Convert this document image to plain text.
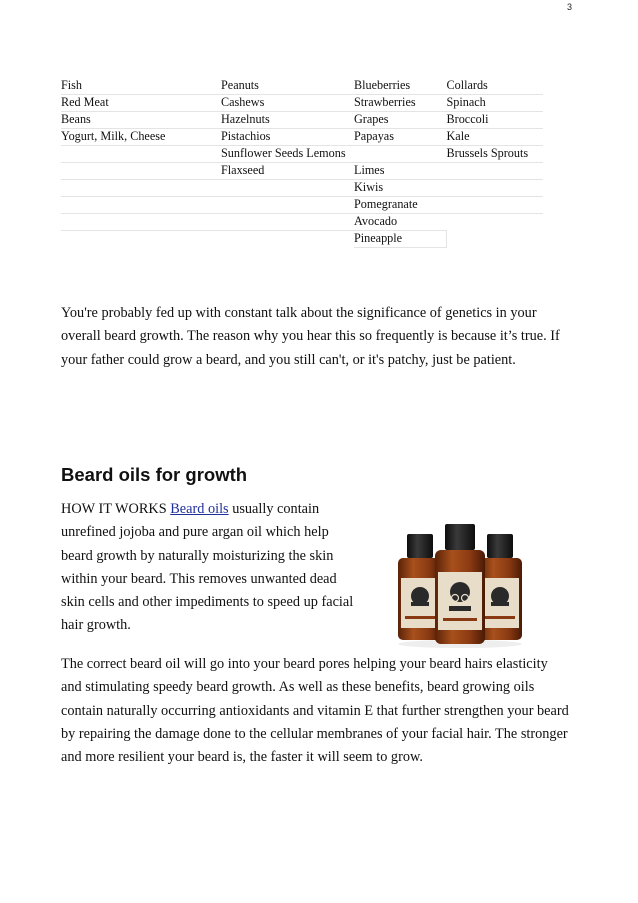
3
Fish	Peanuts	Blueberries	Collards
Red Meat	Cashews	Strawberries	Spinach
Beans	Hazelnuts	Grapes	Broccoli
Yogurt, Milk, Cheese	Pistachios	Papayas	Kale
	Sunflower Seeds Lemons		Brussels Sprouts
	Flaxseed	Limes	
		Kiwis	
		Pomegranate	
		Avocado	
		Pineapple	

You're probably fed up with constant talk about the significance of genetics in your overall beard growth. The reason why you hear this so frequently is because it’s true. If your father could grow a beard, and you still can't, or it's patchy, just be patient.

Beard oils for growth

HOW IT WORKS Beard oils usually contain unrefined jojoba and pure argan oil which help beard growth by naturally moisturizing the skin within your beard. This removes unwanted dead skin cells and other impediments to speed up facial hair growth.

The correct beard oil will go into your beard pores helping your beard hairs elasticity and stimulating speedy beard growth. As well as these benefits, beard growing oils contain naturally occurring antioxidants and vitamin E that further strengthen your beard by repairing the damage done to the cellular membranes of your facial hair. The stronger and more resilient your beard is, the faster it will seem to grow.
